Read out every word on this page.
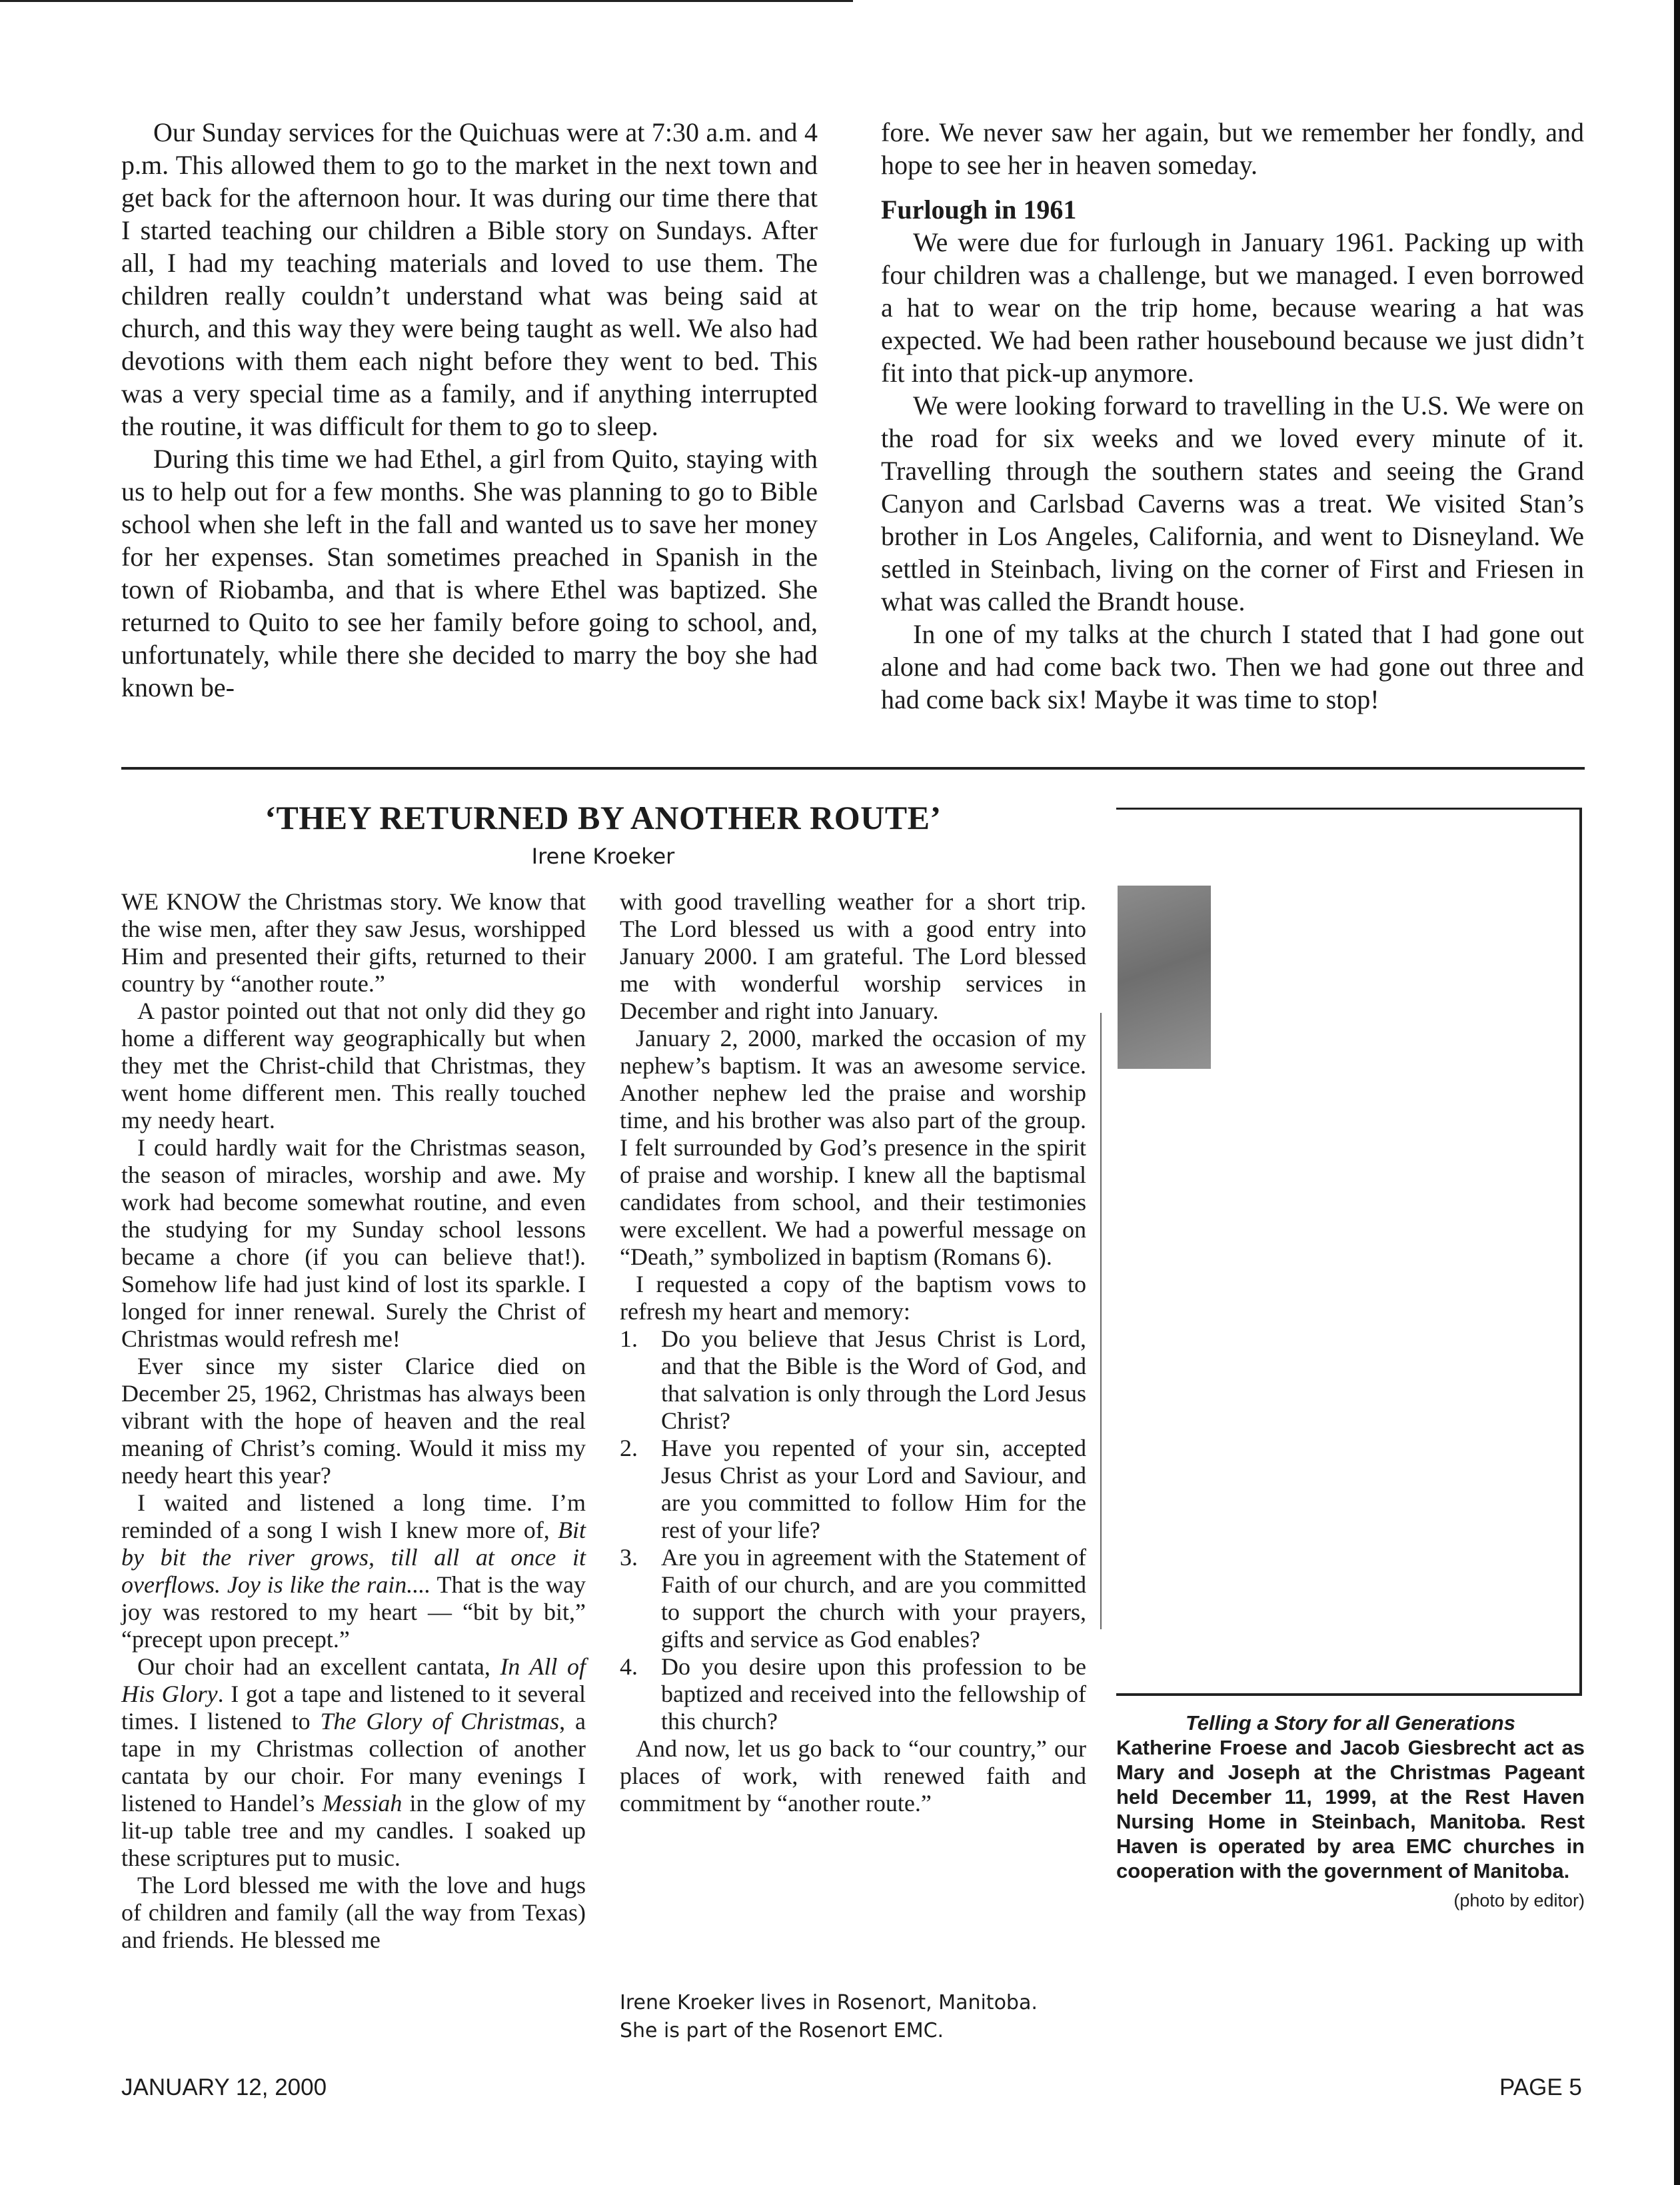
Our Sunday services for the Quichuas were at 7:30 a.m. and 4 p.m. This allowed them to go to the market in the next town and get back for the afternoon hour. It was during our time there that I started teaching our children a Bible story on Sundays. After all, I had my teaching materials and loved to use them. The children really couldn’t understand what was being said at church, and this way they were being taught as well. We also had devotions with them each night before they went to bed. This was a very special time as a family, and if anything interrupted the routine, it was difficult for them to go to sleep.

During this time we had Ethel, a girl from Quito, staying with us to help out for a few months. She was planning to go to Bible school when she left in the fall and wanted us to save her money for her expenses. Stan sometimes preached in Spanish in the town of Riobamba, and that is where Ethel was baptized. She returned to Quito to see her family before going to school, and, unfortunately, while there she decided to marry the boy she had known be-

fore. We never saw her again, but we remember her fondly, and hope to see her in heaven someday.

Furlough in 1961

We were due for furlough in January 1961. Packing up with four children was a challenge, but we managed. I even borrowed a hat to wear on the trip home, because wearing a hat was expected. We had been rather housebound because we just didn’t fit into that pick-up anymore.

We were looking forward to travelling in the U.S. We were on the road for six weeks and we loved every minute of it. Travelling through the southern states and seeing the Grand Canyon and Carlsbad Caverns was a treat. We visited Stan’s brother in Los Angeles, California, and went to Disneyland. We settled in Steinbach, living on the corner of First and Friesen in what was called the Brandt house.

In one of my talks at the church I stated that I had gone out alone and had come back two. Then we had gone out three and had come back six! Maybe it was time to stop!

‘THEY RETURNED BY ANOTHER ROUTE’
Irene Kroeker

WE KNOW the Christmas story. We know that the wise men, after they saw Jesus, worshipped Him and presented their gifts, returned to their country by “another route.”

A pastor pointed out that not only did they go home a different way geographically but when they met the Christ-child that Christmas, they went home different men. This really touched my needy heart.

I could hardly wait for the Christmas season, the season of miracles, worship and awe. My work had become somewhat routine, and even the studying for my Sunday school lessons became a chore (if you can believe that!). Somehow life had just kind of lost its sparkle. I longed for inner renewal. Surely the Christ of Christmas would refresh me!

Ever since my sister Clarice died on December 25, 1962, Christmas has always been vibrant with the hope of heaven and the real meaning of Christ’s coming. Would it miss my needy heart this year?

I waited and listened a long time. I’m reminded of a song I wish I knew more of, Bit by bit the river grows, till all at once it overflows. Joy is like the rain.... That is the way joy was restored to my heart — “bit by bit,” “precept upon precept.”

Our choir had an excellent cantata, In All of His Glory. I got a tape and listened to it several times. I listened to The Glory of Christmas, a tape in my Christmas collection of another cantata by our choir. For many evenings I listened to Handel’s Messiah in the glow of my lit-up table tree and my candles. I soaked up these scriptures put to music.

The Lord blessed me with the love and hugs of children and family (all the way from Texas) and friends. He blessed me

with good travelling weather for a short trip. The Lord blessed us with a good entry into January 2000. I am grateful. The Lord blessed me with wonderful worship services in December and right into January.

January 2, 2000, marked the occasion of my nephew’s baptism. It was an awesome service. Another nephew led the praise and worship time, and his brother was also part of the group. I felt surrounded by God’s presence in the spirit of praise and worship. I knew all the baptismal candidates from school, and their testimonies were excellent. We had a powerful message on “Death,” symbolized in baptism (Romans 6).

I requested a copy of the baptism vows to refresh my heart and memory:

1. Do you believe that Jesus Christ is Lord, and that the Bible is the Word of God, and that salvation is only through the Lord Jesus Christ?
2. Have you repented of your sin, accepted Jesus Christ as your Lord and Saviour, and are you committed to follow Him for the rest of your life?
3. Are you in agreement with the Statement of Faith of our church, and are you committed to support the church with your prayers, gifts and service as God enables?
4. Do you desire upon this profession to be baptized and received into the fellowship of this church?

And now, let us go back to “our country,” our places of work, with renewed faith and commitment by “another route.”

Irene Kroeker lives in Rosenort, Manitoba.
She is part of the Rosenort EMC.
Telling a Story for all Generations
Katherine Froese and Jacob Giesbrecht act as Mary and Joseph at the Christmas Pageant held December 11, 1999, at the Rest Haven Nursing Home in Steinbach, Manitoba. Rest Haven is operated by area EMC churches in cooperation with the government of Manitoba.
(photo by editor)
JANUARY 12, 2000	PAGE 5
